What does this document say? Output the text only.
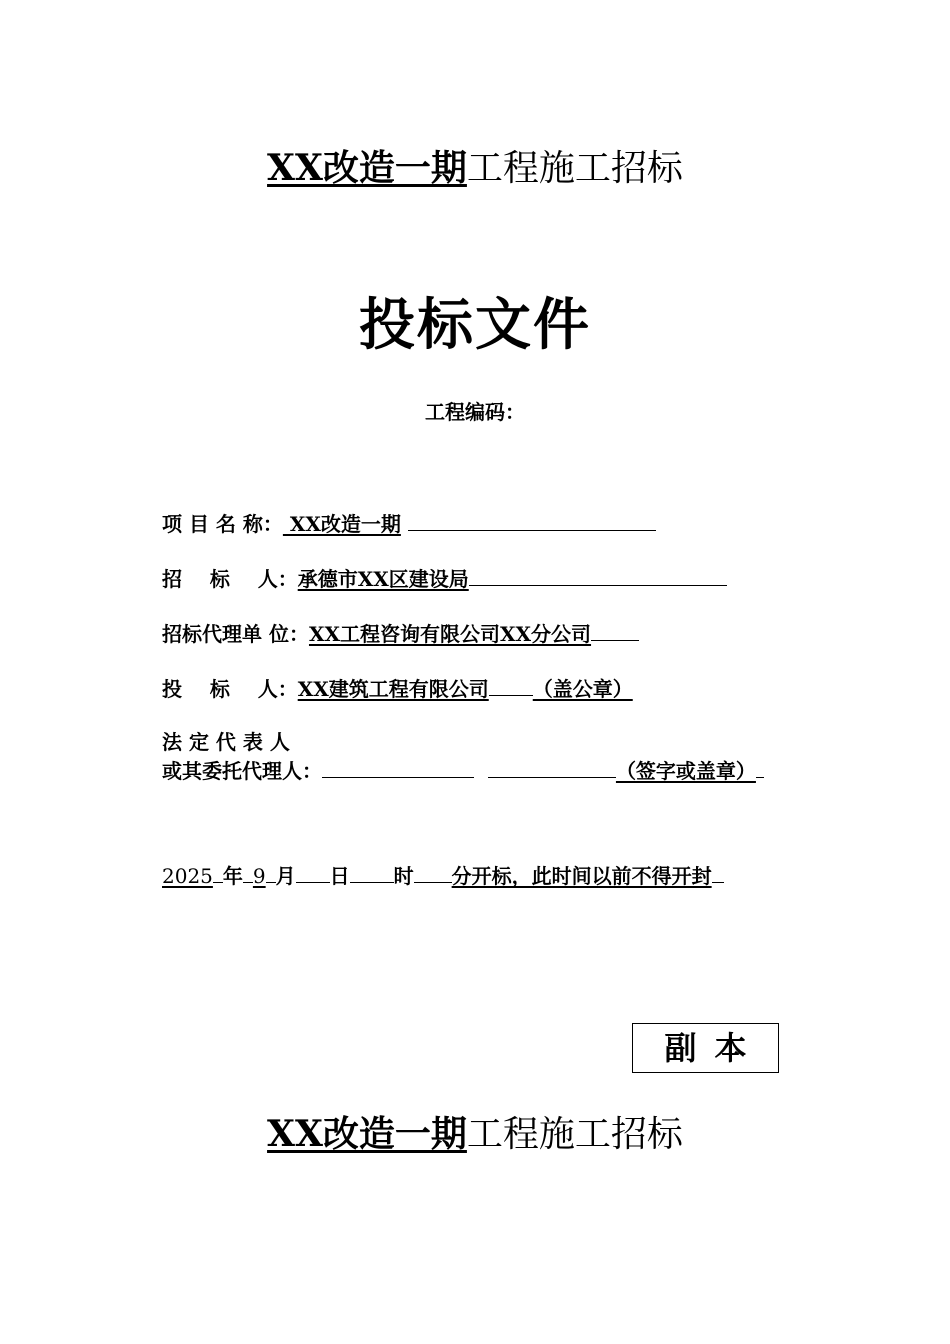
XX改造一期工程施工招标
投标文件
工程编码：
项 目 名 称： XX改造一期
招    标    人：承德市XX区建设局
招标代理单 位：XX工程咨询有限公司XX分公司
投    标    人：XX建筑工程有限公司 （盖公章）
法 定 代 表 人
或其委托代理人：	（签字或盖章）
2025 年 9 月 日 时 分开标，此时间以前不得开封
副本
XX改造一期工程施工招标
